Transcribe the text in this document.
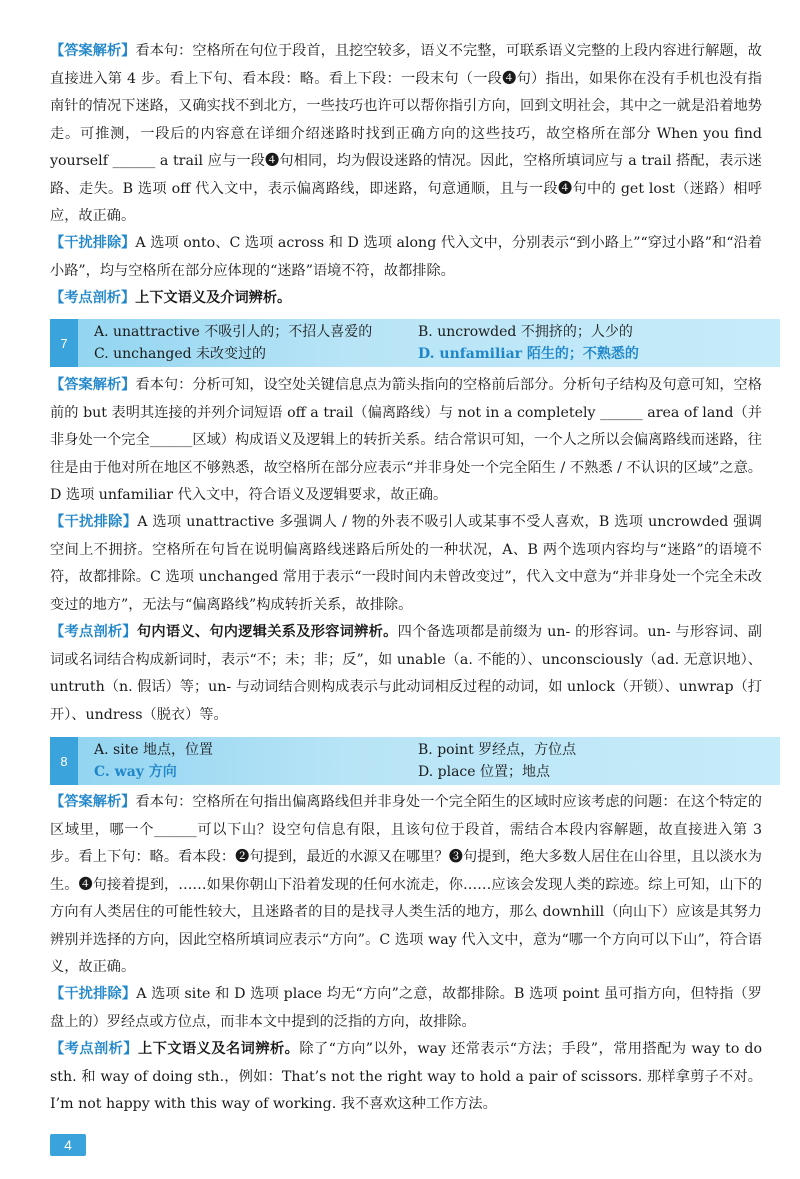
【答案解析】看本句：空格所在句位于段首，且挖空较多，语义不完整，可联系语义完整的上段内容进行解题，故直接进入第 4 步。看上下句、看本段：略。看上下段：一段末句（一段❹句）指出，如果你在没有手机也没有指南针的情况下迷路，又确实找不到北方，一些技巧也许可以帮你指引方向，回到文明社会，其中之一就是沿着地势走。可推测，一段后的内容意在详细介绍迷路时找到正确方向的这些技巧，故空格所在部分 When you find yourself ______ a trail 应与一段❹句相同，均为假设迷路的情况。因此，空格所填词应与 a trail 搭配，表示迷路、走失。B 选项 off 代入文中，表示偏离路线，即迷路，句意通顺，且与一段❹句中的 get lost（迷路）相呼应，故正确。
【干扰排除】A 选项 onto、C 选项 across 和 D 选项 along 代入文中，分别表示“到小路上”“穿过小路”和“沿着小路”，均与空格所在部分应体现的“迷路”语境不符，故都排除。
【考点剖析】上下文语义及介词辨析。
7
A. unattractive 不吸引人的；不招人喜爱的	B. uncrowded 不拥挤的；人少的
C. unchanged 未改变过的	D. unfamiliar 陌生的；不熟悉的
【答案解析】看本句：分析可知，设空处关键信息点为箭头指向的空格前后部分。分析句子结构及句意可知，空格前的 but 表明其连接的并列介词短语 off a trail（偏离路线）与 not in a completely ______ area of land（并非身处一个完全______区域）构成语义及逻辑上的转折关系。结合常识可知，一个人之所以会偏离路线而迷路，往往是由于他对所在地区不够熟悉，故空格所在部分应表示“并非身处一个完全陌生 / 不熟悉 / 不认识的区域”之意。D 选项 unfamiliar 代入文中，符合语义及逻辑要求，故正确。
【干扰排除】A 选项 unattractive 多强调人 / 物的外表不吸引人或某事不受人喜欢，B 选项 uncrowded 强调空间上不拥挤。空格所在句旨在说明偏离路线迷路后所处的一种状况，A、B 两个选项内容均与“迷路”的语境不符，故都排除。C 选项 unchanged 常用于表示“一段时间内未曾改变过”，代入文中意为“并非身处一个完全未改变过的地方”，无法与“偏离路线”构成转折关系，故排除。
【考点剖析】句内语义、句内逻辑关系及形容词辨析。四个备选项都是前缀为 un- 的形容词。un- 与形容词、副词或名词结合构成新词时，表示“不；未；非；反”，如 unable（a. 不能的）、unconsciously（ad. 无意识地）、untruth（n. 假话）等；un- 与动词结合则构成表示与此动词相反过程的动词，如 unlock（开锁）、unwrap（打开）、undress（脱衣）等。
8
A. site 地点，位置	B. point 罗经点，方位点
C. way 方向	D. place 位置；地点
【答案解析】看本句：空格所在句指出偏离路线但并非身处一个完全陌生的区域时应该考虑的问题：在这个特定的区域里，哪一个______可以下山？设空句信息有限，且该句位于段首，需结合本段内容解题，故直接进入第 3 步。看上下句：略。看本段：❷句提到，最近的水源又在哪里？❸句提到，绝大多数人居住在山谷里，且以淡水为生。❹句接着提到，……如果你朝山下沿着发现的任何水流走，你……应该会发现人类的踪迹。综上可知，山下的方向有人类居住的可能性较大，且迷路者的目的是找寻人类生活的地方，那么 downhill（向山下）应该是其努力辨别并选择的方向，因此空格所填词应表示“方向”。C 选项 way 代入文中，意为“哪一个方向可以下山”，符合语义，故正确。
【干扰排除】A 选项 site 和 D 选项 place 均无“方向”之意，故都排除。B 选项 point 虽可指方向，但特指（罗盘上的）罗经点或方位点，而非本文中提到的泛指的方向，故排除。
【考点剖析】上下文语义及名词辨析。除了“方向”以外，way 还常表示“方法；手段”，常用搭配为 way to do sth. 和 way of doing sth.，例如：That’s not the right way to hold a pair of scissors. 那样拿剪子不对。I’m not happy with this way of working. 我不喜欢这种工作方法。
4
